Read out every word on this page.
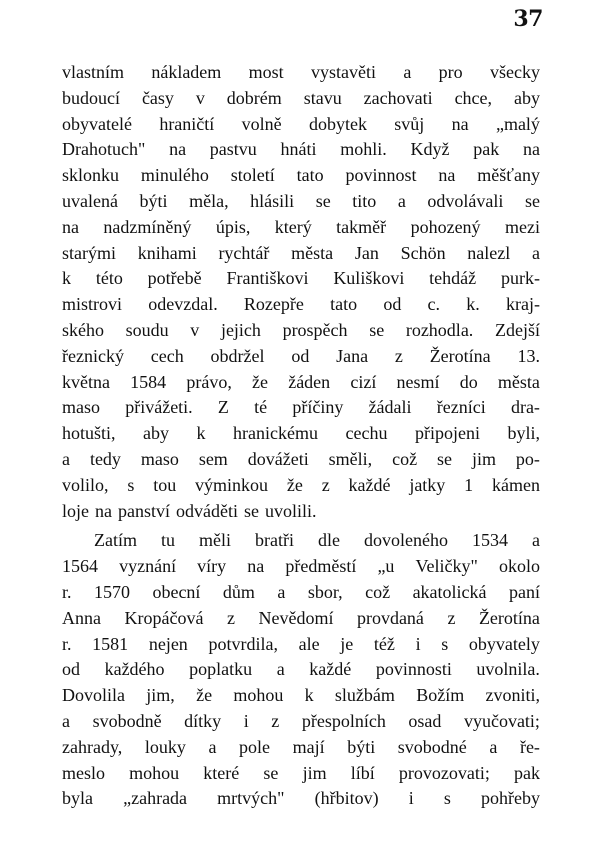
37
vlastním nákladem most vystavěti a pro všecky
budoucí časy v dobrém stavu zachovati chce, aby
obyvatelé hraničtí volně dobytek svůj na „malý
Drahotuch" na pastvu hnáti mohli. Když pak na
sklonku minulého století tato povinnost na měšťany
uvalená býti měla, hlásili se tito a odvolávali se
na nadzmíněný úpis, který takměř pohozený mezi
starými knihami rychtář města Jan Schön nalezl a
k této potřebě Františkovi Kuliškovi tehdáž purk-
mistrovi odevzdal. Rozepře tato od c. k. kraj-
ského soudu v jejich prospěch se rozhodla. Zdejší
řeznický cech obdržel od Jana z Žerotína 13.
května 1584 právo, že žáden cizí nesmí do města
maso přivážeti. Z té příčiny žádali řezníci dra-
hotušti, aby k hranickému cechu připojeni byli,
a tedy maso sem dovážeti směli, což se jim po-
volilo, s tou výminkou že z každé jatky 1 kámen
loje na panství odváděti se uvolili.
Zatím tu měli bratři dle dovoleného 1534 a
1564 vyznání víry na předměstí „u Veličky" okolo
r. 1570 obecní dům a sbor, což akatolická paní
Anna Kropáčová z Nevědomí provdaná z Žerotína
r. 1581 nejen potvrdila, ale je též i s obyvately
od každého poplatku a každé povinnosti uvolnila.
Dovolila jim, že mohou k službám Božím zvoniti,
a svobodně dítky i z přespolních osad vyučovati;
zahrady, louky a pole mají býti svobodné a ře-
meslo mohou které se jim líbí provozovati; pak
byla „zahrada mrtvých" (hřbitov) i s pohřeby
